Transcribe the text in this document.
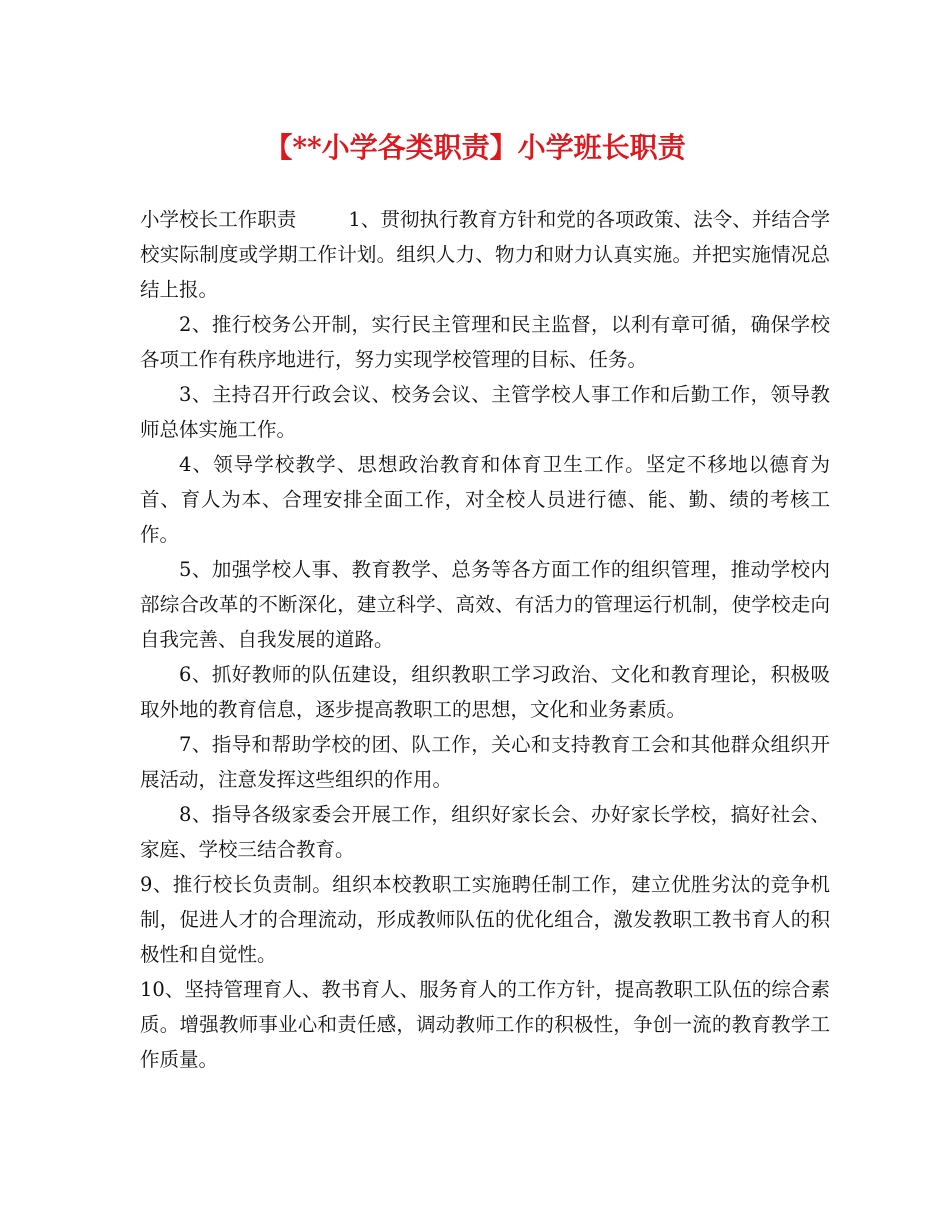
【**小学各类职责】小学班长职责

小学校长工作职责	1、贯彻执行教育方针和党的各项政策、法令、并结合学校实际制度或学期工作计划。组织人力、物力和财力认真实施。并把实施情况总结上报。

2、推行校务公开制，实行民主管理和民主监督，以利有章可循，确保学校各项工作有秩序地进行，努力实现学校管理的目标、任务。

3、主持召开行政会议、校务会议、主管学校人事工作和后勤工作，领导教师总体实施工作。

4、领导学校教学、思想政治教育和体育卫生工作。坚定不移地以德育为首、育人为本、合理安排全面工作，对全校人员进行德、能、勤、绩的考核工作。

5、加强学校人事、教育教学、总务等各方面工作的组织管理，推动学校内部综合改革的不断深化，建立科学、高效、有活力的管理运行机制，使学校走向自我完善、自我发展的道路。

6、抓好教师的队伍建设，组织教职工学习政治、文化和教育理论，积极吸取外地的教育信息，逐步提高教职工的思想，文化和业务素质。

7、指导和帮助学校的团、队工作，关心和支持教育工会和其他群众组织开展活动，注意发挥这些组织的作用。

8、指导各级家委会开展工作，组织好家长会、办好家长学校，搞好社会、家庭、学校三结合教育。

9、推行校长负责制。组织本校教职工实施聘任制工作，建立优胜劣汰的竞争机制，促进人才的合理流动，形成教师队伍的优化组合，激发教职工教书育人的积极性和自觉性。

10、坚持管理育人、教书育人、服务育人的工作方针，提高教职工队伍的综合素质。增强教师事业心和责任感，调动教师工作的积极性，争创一流的教育教学工作质量。
